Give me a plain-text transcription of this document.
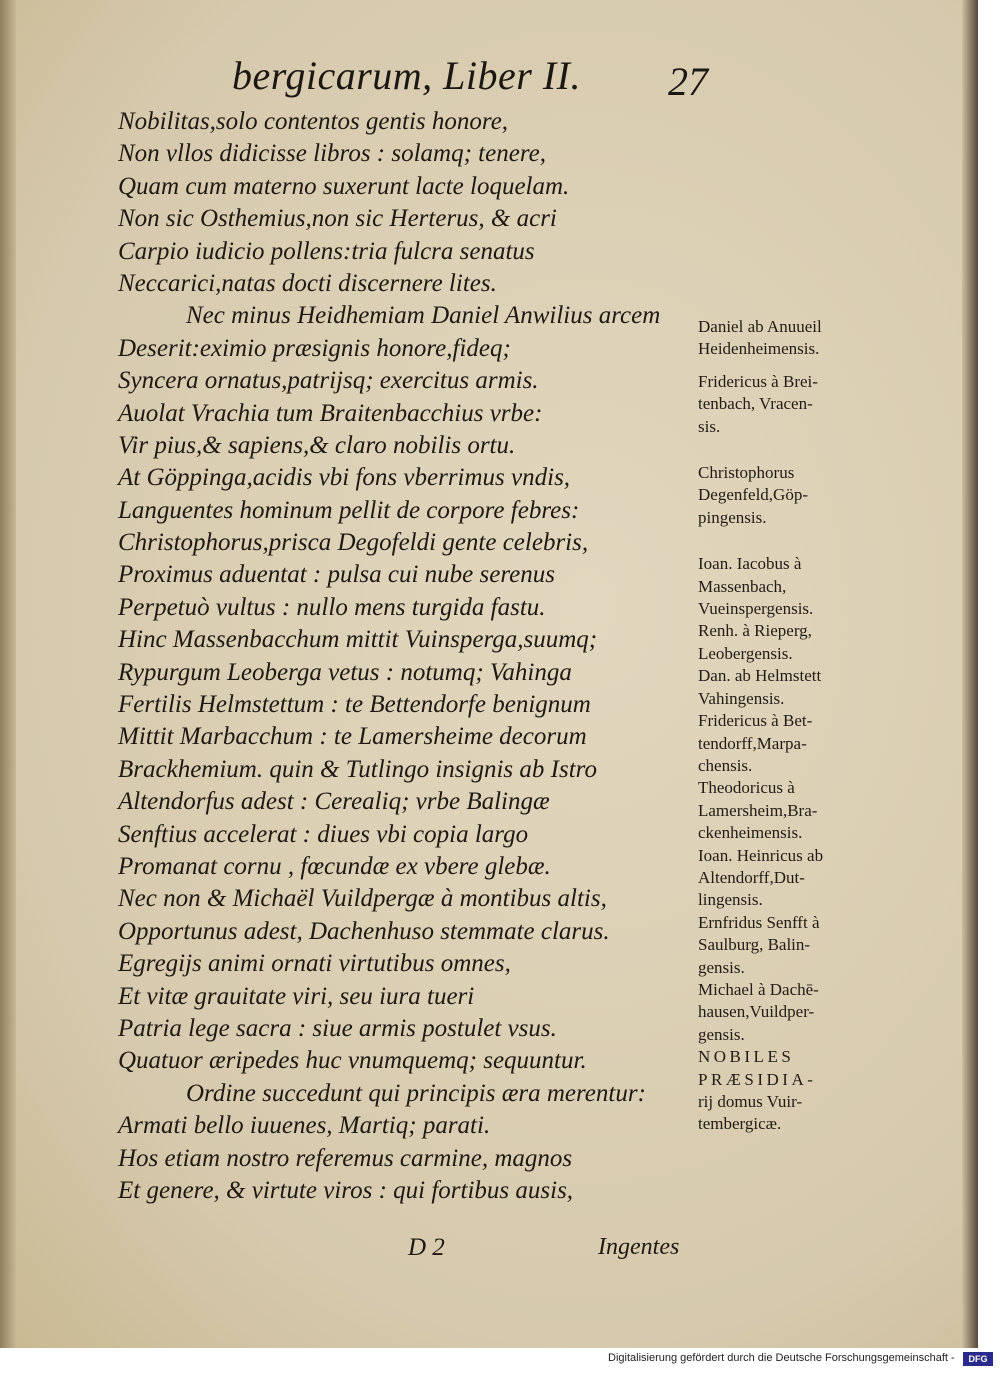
bergicarum, Liber II. 27
Nobilitas,solo contentos gentis honore,
Non vllos didicisse libros : solamq; tenere,
Quam cum materno suxerunt lacte loquelam.
Non sic Osthemius,non sic Herterus, & acri
Carpio iudicio pollens:tria fulcra senatus
Neccarici,natas docti discernere lites.
Nec minus Heidhemiam Daniel Anwilius arcem
Deserit:eximio præsignis honore,fideq;
Syncera ornatus,patrijsq; exercitus armis.
Auolat Vrachia tum Braitenbacchius vrbe:
Vir pius,& sapiens,& claro nobilis ortu.
At Göppinga,acidis vbi fons vberrimus vndis,
Languentes hominum pellit de corpore febres:
Christophorus,prisca Degofeldi gente celebris,
Proximus aduentat : pulsa cui nube serenus
Perpetuò vultus : nullo mens turgida fastu.
Hinc Massenbacchum mittit Vuinsperga,suumq;
Rypurgum Leoberga vetus : notumq; Vahinga
Fertilis Helmstettum : te Bettendorfe benignum
Mittit Marbacchum : te Lamersheime decorum
Brackhemium. quin & Tutlingo insignis ab Istro
Altendorfus adest : Cerealiq; vrbe Balingæ
Senftius accelerat : diues vbi copia largo
Promanat cornu , fœcundæ ex vbere glebæ.
Nec non & Michaël Vuildpergæ à montibus altis,
Opportunus adest, Dachenhuso stemmate clarus.
Egregijs animi ornati virtutibus omnes,
Et vitæ grauitate viri, seu iura tueri
Patria lege sacra : siue armis postulet vsus.
Quatuor æripedes huc vnumquemq; sequuntur.
Ordine succedunt qui principis æra merentur:
Armati bello iuuenes, Martiq; parati.
Hos etiam nostro referemus carmine, magnos
Et genere, & virtute viros : qui fortibus ausis,
Daniel ab Anuueil
Heidenheimensis.
Fridericus à Brei-
tenbach, Vracen-
sis.
Christophorus
Degenfeld,Göp-
pingensis.
Ioan. Iacobus à
Massenbach,
Vueinspergensis.
Renh. à Rieperg,
Leobergensis.
Dan. ab Helmstett
Vahingensis.
Fridericus à Bet-
tendorff,Marpa-
chensis.
Theodoricus à
Lamersheim,Bra-
ckenheimensis.
Ioan. Heinricus ab
Altendorff,Dut-
lingensis.
Ernfridus Senfft à
Saulburg, Balin-
gensis.
Michael à Dachē-
hausen,Vuildper-
gensis.
NOBILES
PRÆSIDIA-
rij domus Vuir-
tembergicæ.
D 2	Ingentes
Digitalisierung gefördert durch die Deutsche Forschungsgemeinschaft -	DFG
